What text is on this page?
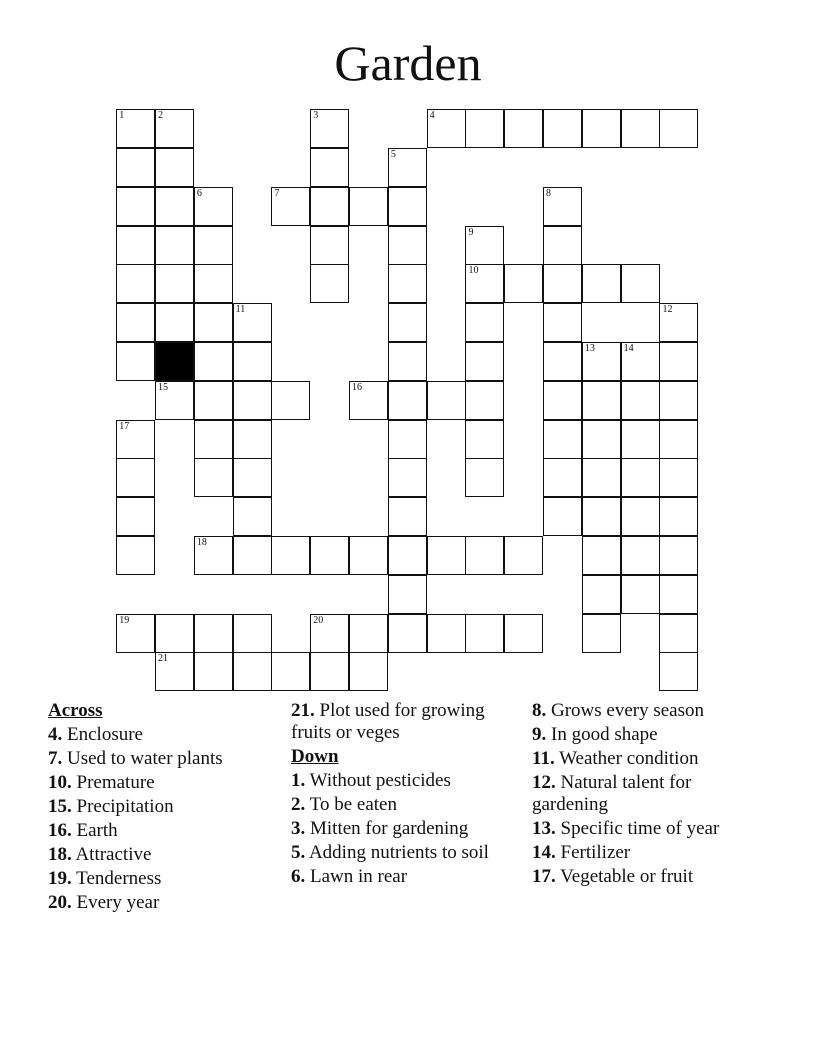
Garden
1	2	3	4
5
6	7	8
9
10
11	12
13	14
15	16
17
18
19	20
21
Across
4. Enclosure
7. Used to water plants
10. Premature
15. Precipitation
16. Earth
18. Attractive
19. Tenderness
20. Every year
21. Plot used for growing fruits or veges
Down
1. Without pesticides
2. To be eaten
3. Mitten for gardening
5. Adding nutrients to soil
6. Lawn in rear
8. Grows every season
9. In good shape
11. Weather condition
12. Natural talent for gardening
13. Specific time of year
14. Fertilizer
17. Vegetable or fruit
